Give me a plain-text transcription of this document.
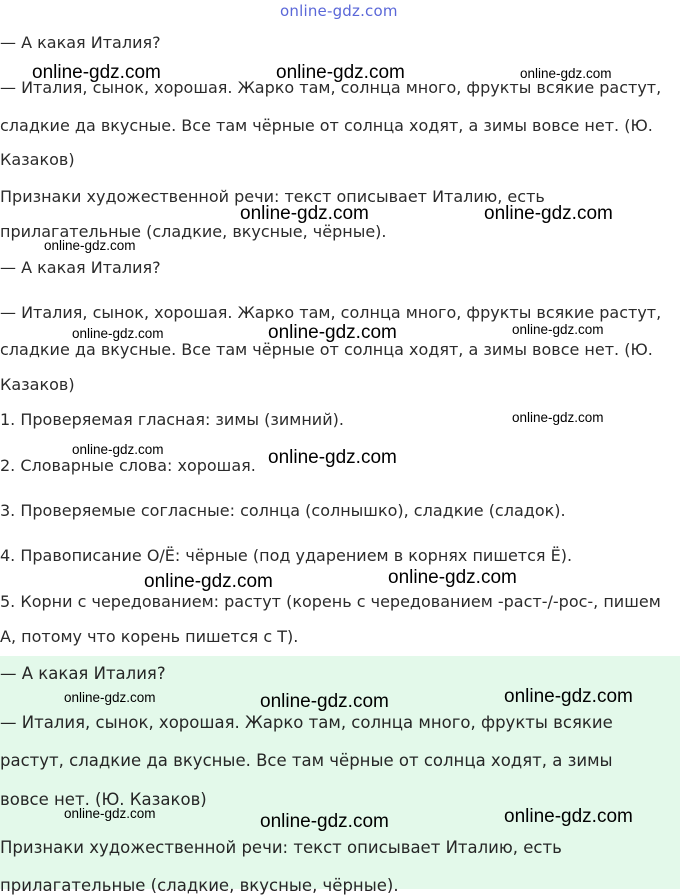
online-gdz.com
— А какая Италия?
— Италия, сынок, хорошая. Жарко там, солнца много, фрукты всякие растут,
сладкие да вкусные. Все там чёрные от солнца ходят, а зимы вовсе нет. (Ю.
Казаков)
Признаки художественной речи: текст описывает Италию, есть
прилагательные (сладкие, вкусные, чёрные).
— А какая Италия?
— Италия, сынок, хорошая. Жарко там, солнца много, фрукты всякие растут,
сладкие да вкусные. Все там чёрные от солнца ходят, а зимы вовсе нет. (Ю.
Казаков)
1. Проверяемая гласная: зимы (зимний).
2. Словарные слова: хорошая.
3. Проверяемые согласные: солнца (солнышко), сладкие (сладок).
4. Правописание О/Ё: чёрные (под ударением в корнях пишется Ё).
5. Корни с чередованием: растут (корень с чередованием -раст-/-рос-, пишем
А, потому что корень пишется с Т).
— А какая Италия?
— Италия, сынок, хорошая. Жарко там, солнца много, фрукты всякие
растут, сладкие да вкусные. Все там чёрные от солнца ходят, а зимы
вовсе нет. (Ю. Казаков)
Признаки художественной речи: текст описывает Италию, есть
прилагательные (сладкие, вкусные, чёрные).
online-gdz.com	online-gdz.com	online-gdz.com
online-gdz.com	online-gdz.com
online-gdz.com
online-gdz.com	online-gdz.com	online-gdz.com
online-gdz.com
online-gdz.com	online-gdz.com
online-gdz.com	online-gdz.com
online-gdz.com	online-gdz.com	online-gdz.com
online-gdz.com	online-gdz.com	online-gdz.com
